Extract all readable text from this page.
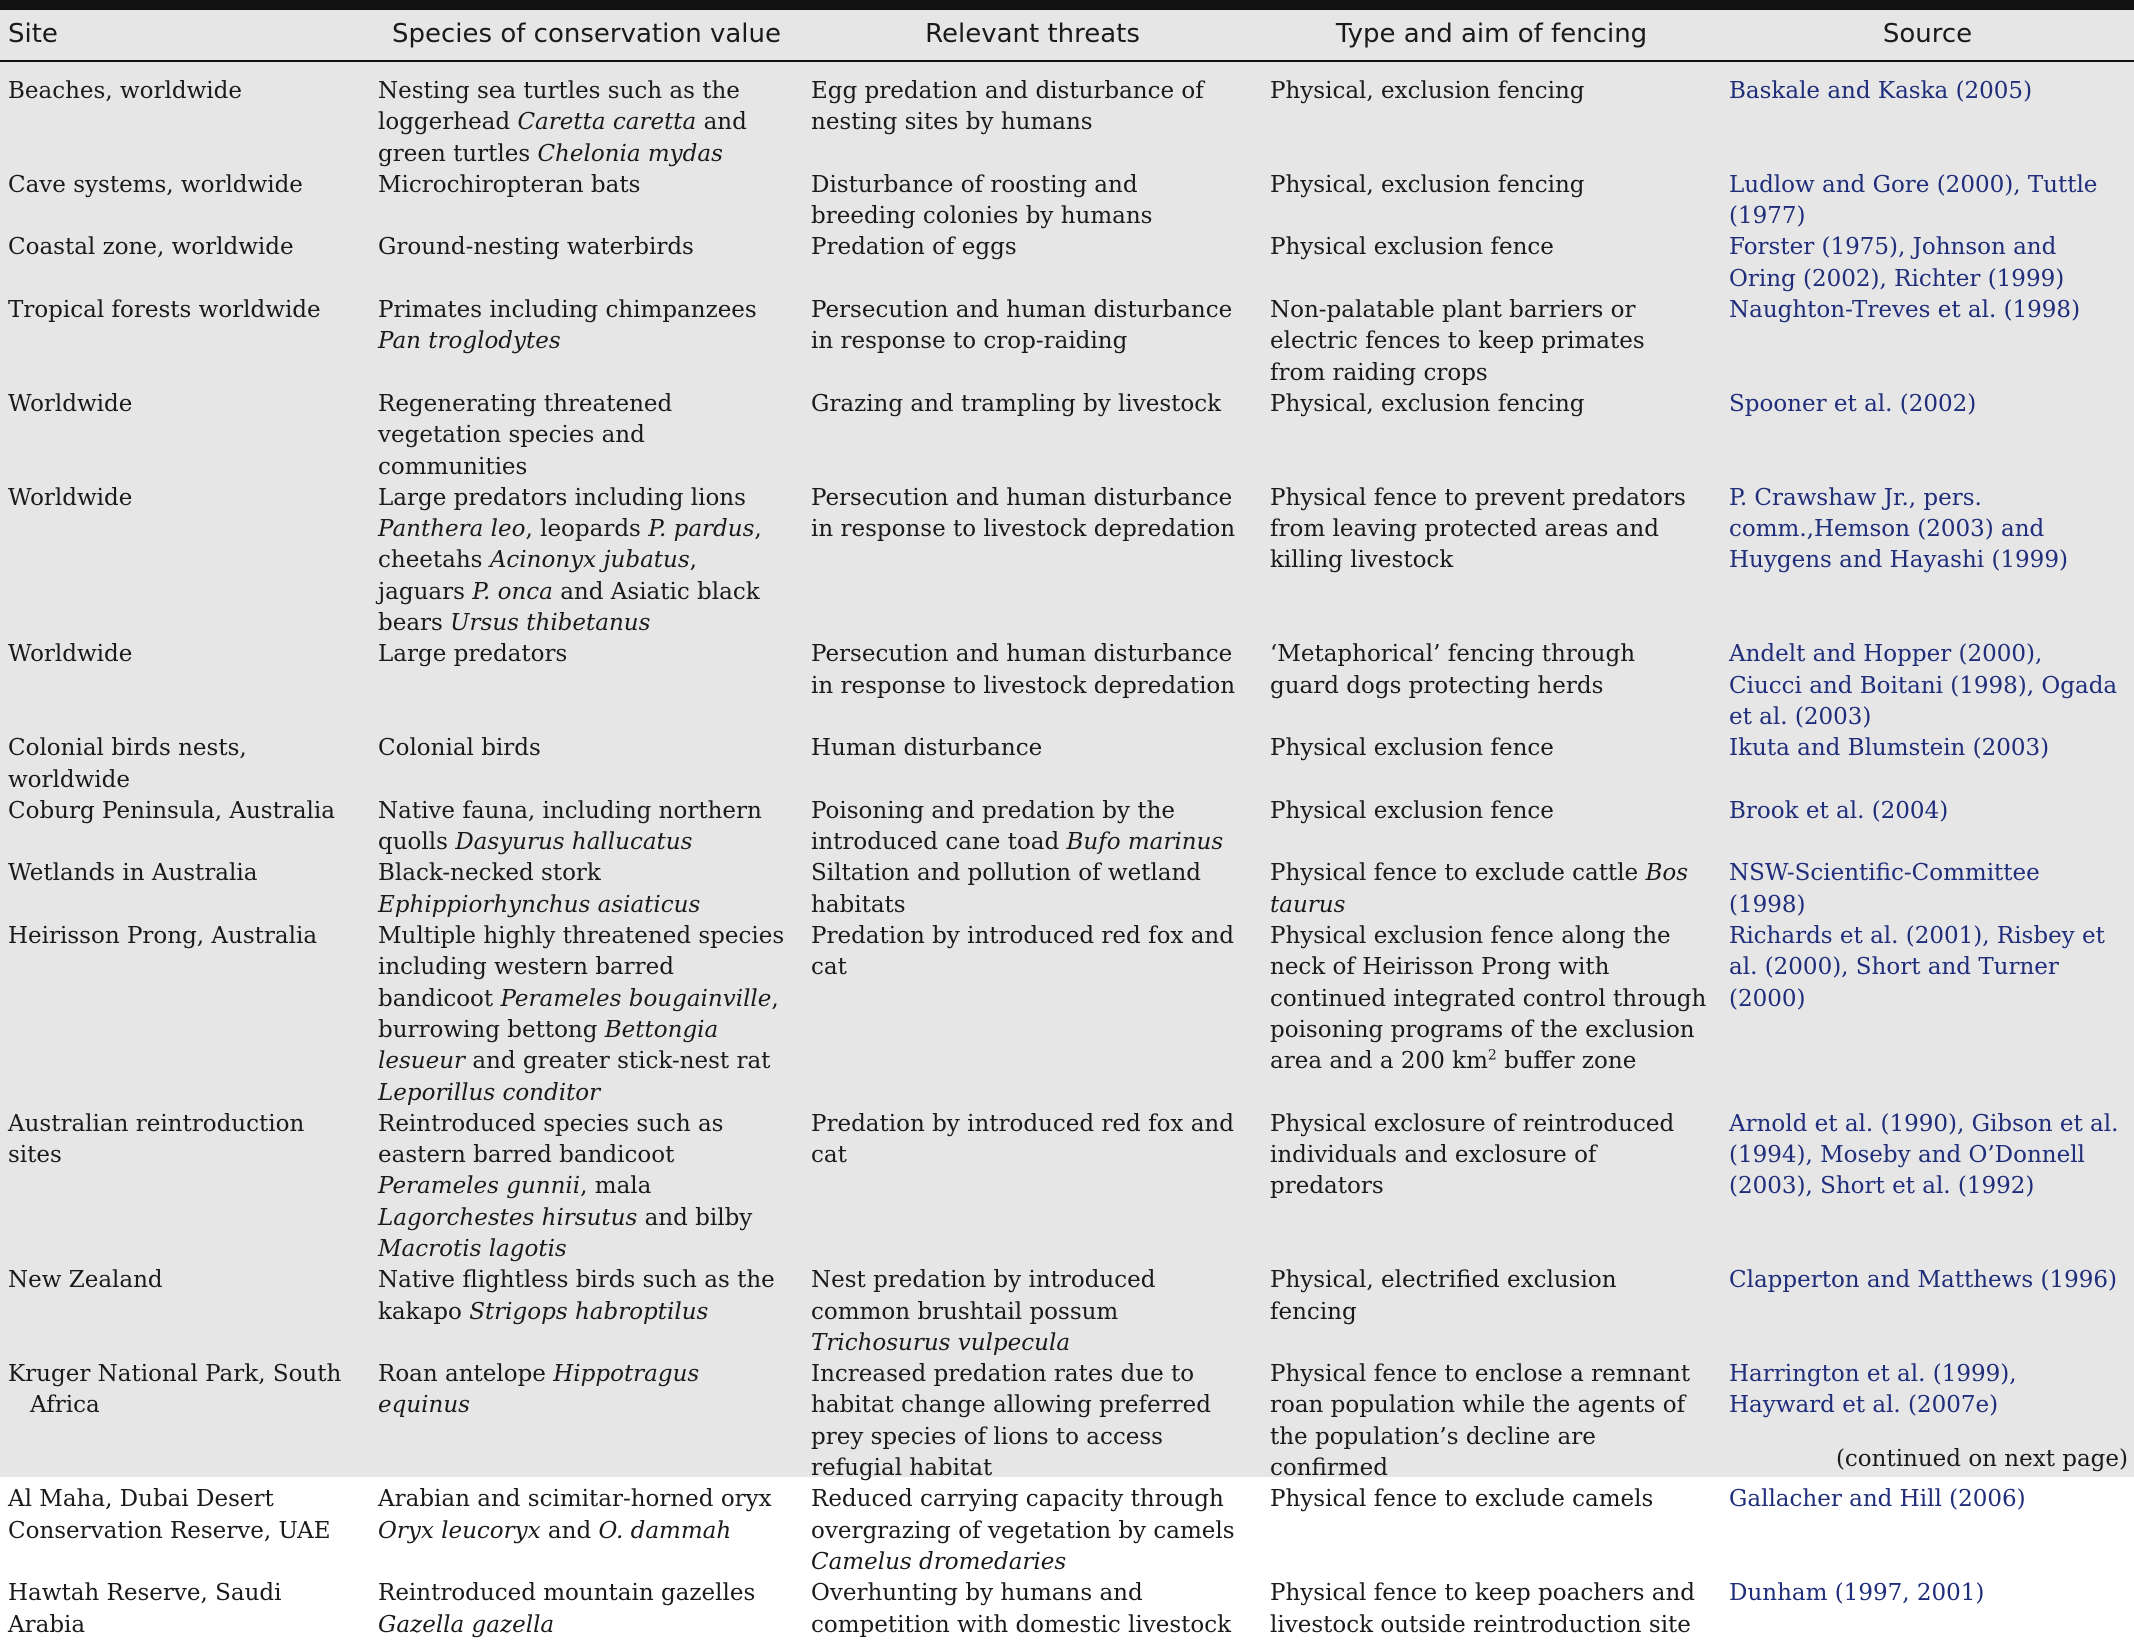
Site	Species of conservation value	Relevant threats	Type and aim of fencing	Source
Beaches, worldwide	Nesting sea turtles such as the loggerhead Caretta caretta and green turtles Chelonia mydas	Egg predation and disturbance of nesting sites by humans	Physical, exclusion fencing	Baskale and Kaska (2005)
Cave systems, worldwide	Microchiropteran bats	Disturbance of roosting and breeding colonies by humans	Physical, exclusion fencing	Ludlow and Gore (2000), Tuttle (1977)
Coastal zone, worldwide	Ground-nesting waterbirds	Predation of eggs	Physical exclusion fence	Forster (1975), Johnson and Oring (2002), Richter (1999)
Tropical forests worldwide	Primates including chimpanzees Pan troglodytes	Persecution and human disturbance in response to crop-raiding	Non-palatable plant barriers or electric fences to keep primates from raiding crops	Naughton-Treves et al. (1998)
Worldwide	Regenerating threatened vegetation species and communities	Grazing and trampling by livestock	Physical, exclusion fencing	Spooner et al. (2002)
Worldwide	Large predators including lions Panthera leo, leopards P. pardus, cheetahs Acinonyx jubatus, jaguars P. onca and Asiatic black bears Ursus thibetanus	Persecution and human disturbance in response to livestock depredation	Physical fence to prevent predators from leaving protected areas and killing livestock	P. Crawshaw Jr., pers. comm.,Hemson (2003) and Huygens and Hayashi (1999)
Worldwide	Large predators	Persecution and human disturbance in response to livestock depredation	‘Metaphorical’ fencing through guard dogs protecting herds	Andelt and Hopper (2000), Ciucci and Boitani (1998), Ogada et al. (2003)
Colonial birds nests, worldwide	Colonial birds	Human disturbance	Physical exclusion fence	Ikuta and Blumstein (2003)
Coburg Peninsula, Australia	Native fauna, including northern quolls Dasyurus hallucatus	Poisoning and predation by the introduced cane toad Bufo marinus	Physical exclusion fence	Brook et al. (2004)
Wetlands in Australia	Black-necked stork Ephippiorhynchus asiaticus	Siltation and pollution of wetland habitats	Physical fence to exclude cattle Bos taurus	NSW-Scientific-Committee (1998)
Heirisson Prong, Australia	Multiple highly threatened species including western barred bandicoot Perameles bougainville, burrowing bettong Bettongia lesueur and greater stick-nest rat Leporillus conditor	Predation by introduced red fox and cat	Physical exclusion fence along the neck of Heirisson Prong with continued integrated control through poisoning programs of the exclusion area and a 200 $km^2$ buffer zone	Richards et al. (2001), Risbey et al. (2000), Short and Turner (2000)
Australian reintroduction sites	Reintroduced species such as eastern barred bandicoot Perameles gunnii, mala Lagorchestes hirsutus and bilby Macrotis lagotis	Predation by introduced red fox and cat	Physical exclosure of reintroduced individuals and exclosure of predators	Arnold et al. (1990), Gibson et al. (1994), Moseby and O’Donnell (2003), Short et al. (1992)
New Zealand	Native flightless birds such as the kakapo Strigops habroptilus	Nest predation by introduced common brushtail possum Trichosurus vulpecula	Physical, electrified exclusion fencing	Clapperton and Matthews (1996)

Kruger National Park, South Africa	Roan antelope Hippotragus equinus	Increased predation rates due to habitat change allowing preferred prey species of lions to access refugial habitat	Physical fence to enclose a remnant roan population while the agents of the population’s decline are confirmed	Harrington et al. (1999), Hayward et al. (2007e)
Al Maha, Dubai Desert Conservation Reserve, UAE	Arabian and scimitar-horned oryx Oryx leucoryx and O. dammah	Reduced carrying capacity through overgrazing of vegetation by camels Camelus dromedaries	Physical fence to exclude camels	Gallacher and Hill (2006)
Hawtah Reserve, Saudi Arabia	Reintroduced mountain gazelles Gazella gazella	Overhunting by humans and competition with domestic livestock	Physical fence to keep poachers and livestock outside reintroduction site	Dunham (1997, 2001)
(continued on next page)
